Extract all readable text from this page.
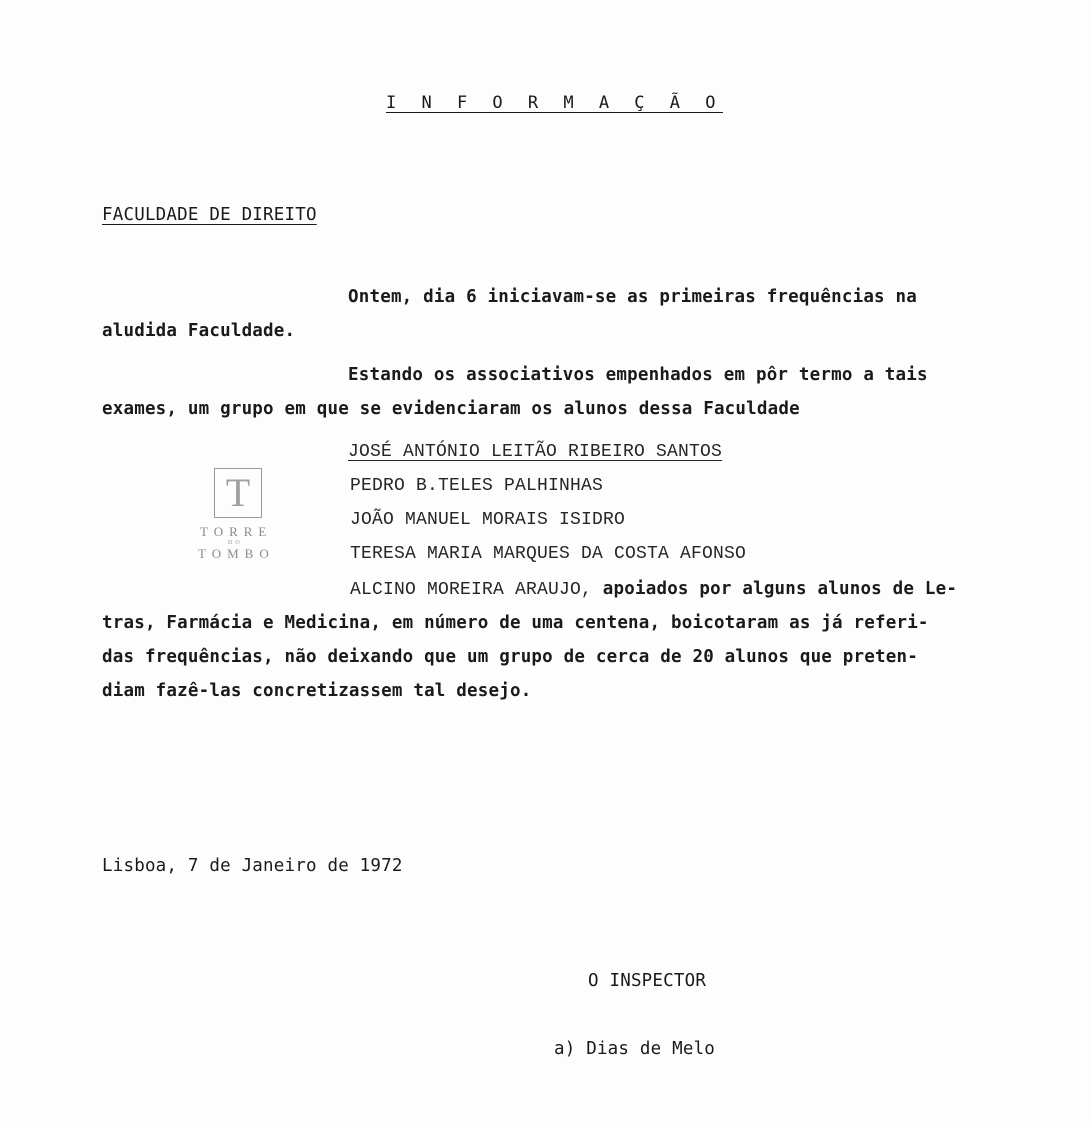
I N F O R M A Ç Ã O
FACULDADE DE DIREITO
Ontem, dia 6 iniciavam-se as primeiras frequências na
aludida Faculdade.
Estando os associativos empenhados em pôr termo a tais
exames, um grupo em que se evidenciaram os alunos dessa Faculdade
JOSÉ ANTÓNIO LEITÃO RIBEIRO SANTOS
PEDRO B.TELES PALHINHAS
JOÃO MANUEL MORAIS ISIDRO
TERESA MARIA MARQUES DA COSTA AFONSO
ALCINO MOREIRA ARAUJO, apoiados por alguns alunos de Le-
tras, Farmácia e Medicina, em número de uma centena, boicotaram as já referi-
das frequências, não deixando que um grupo de cerca de 20 alunos que preten-
diam fazê-las concretizassem tal desejo.
Lisboa, 7 de Janeiro de 1972
O INSPECTOR
a) Dias de Melo
T
TORRE
DO
TOMBO
